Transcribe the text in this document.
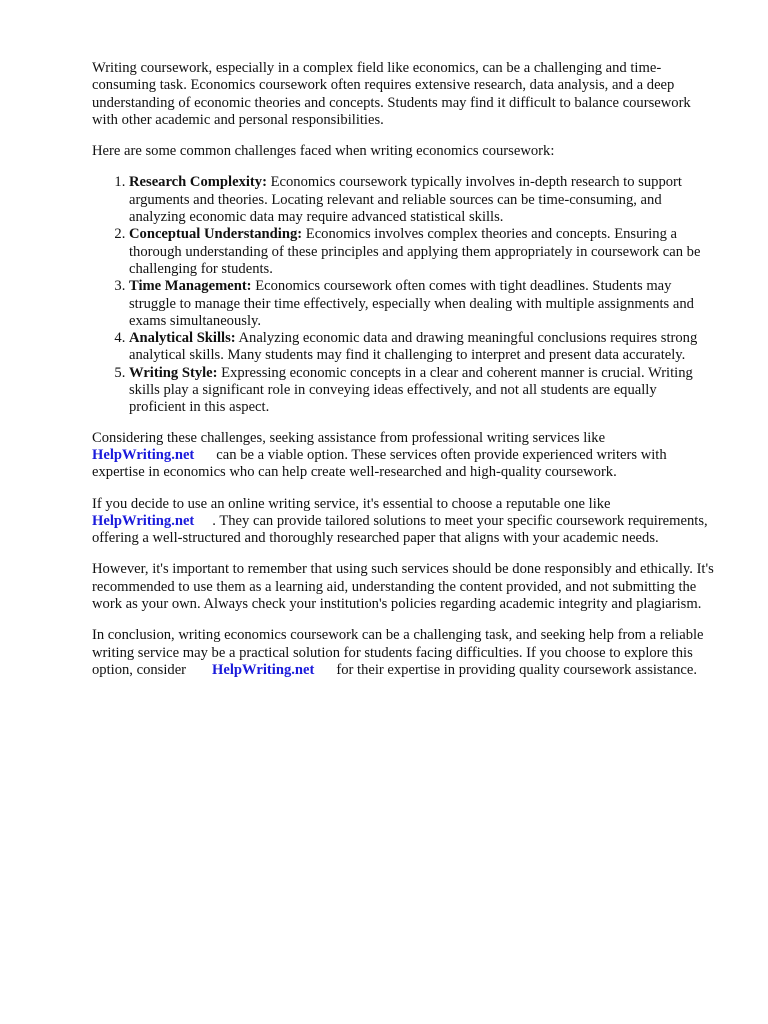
Writing coursework, especially in a complex field like economics, can be a challenging and time-consuming task. Economics coursework often requires extensive research, data analysis, and a deep understanding of economic theories and concepts. Students may find it difficult to balance coursework with other academic and personal responsibilities.

Here are some common challenges faced when writing economics coursework:

1. Research Complexity: Economics coursework typically involves in-depth research to support arguments and theories. Locating relevant and reliable sources can be time-consuming, and analyzing economic data may require advanced statistical skills.
2. Conceptual Understanding: Economics involves complex theories and concepts. Ensuring a thorough understanding of these principles and applying them appropriately in coursework can be challenging for students.
3. Time Management: Economics coursework often comes with tight deadlines. Students may struggle to manage their time effectively, especially when dealing with multiple assignments and exams simultaneously.
4. Analytical Skills: Analyzing economic data and drawing meaningful conclusions requires strong analytical skills. Many students may find it challenging to interpret and present data accurately.
5. Writing Style: Expressing economic concepts in a clear and coherent manner is crucial. Writing skills play a significant role in conveying ideas effectively, and not all students are equally proficient in this aspect.

Considering these challenges, seeking assistance from professional writing services like
HelpWriting.net can be a viable option. These services often provide experienced writers with expertise in economics who can help create well-researched and high-quality coursework.

If you decide to use an online writing service, it's essential to choose a reputable one like
HelpWriting.net . They can provide tailored solutions to meet your specific coursework requirements, offering a well-structured and thoroughly researched paper that aligns with your academic needs.

However, it's important to remember that using such services should be done responsibly and ethically. It's recommended to use them as a learning aid, understanding the content provided, and not submitting the work as your own. Always check your institution's policies regarding academic integrity and plagiarism.

In conclusion, writing economics coursework can be a challenging task, and seeking help from a reliable writing service may be a practical solution for students facing difficulties. If you choose to explore this option, consider HelpWriting.net for their expertise in providing quality coursework assistance.
